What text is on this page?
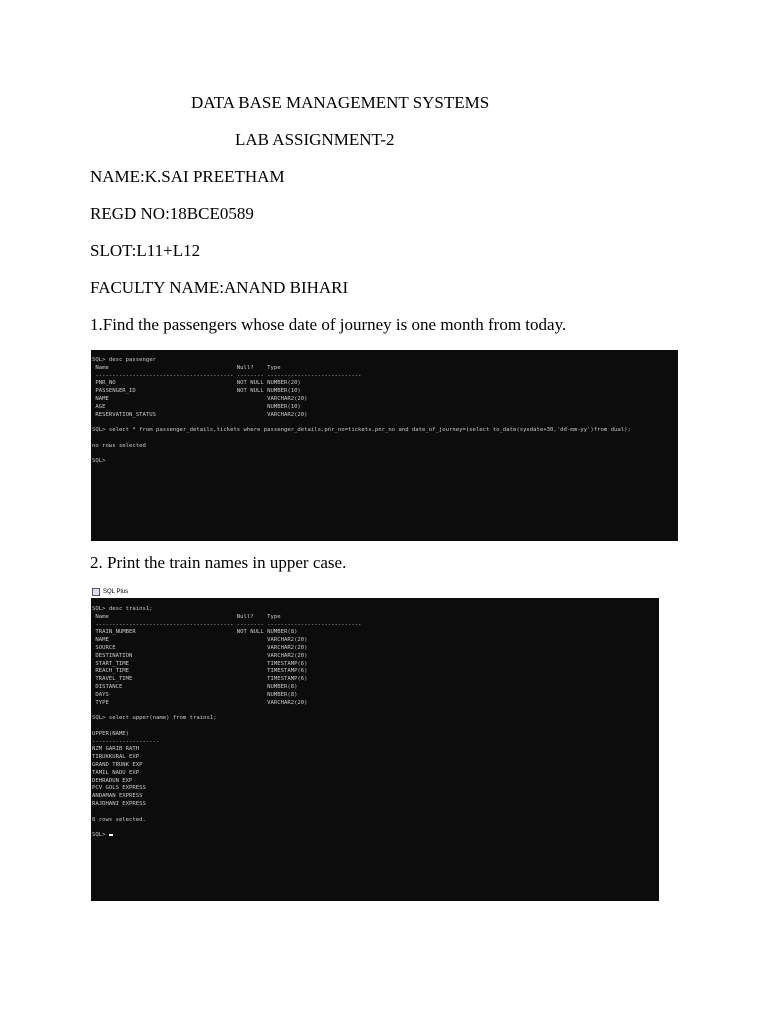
DATA BASE MANAGEMENT SYSTEMS
LAB ASSIGNMENT-2
NAME:K.SAI PREETHAM
REGD NO:18BCE0589
SLOT:L11+L12
FACULTY NAME:ANAND BIHARI
1.Find the passengers whose date of journey is one month from today.
SQL> desc passenger
Name                                      Null?    Type
----------------------------------------- -------- ----------------------------
PNR_NO                                    NOT NULL NUMBER(20)
PASSENGER_ID                              NOT NULL NUMBER(10)
NAME                                               VARCHAR2(20)
AGE                                                NUMBER(10)
RESERVATION_STATUS                                 VARCHAR2(20)

SQL> select * from passenger_details,tickets where passenger_details.pnr_no=tickets.pnr_no and date_of_journey=(select to_date(sysdate+30,'dd-mm-yy')from dual);

no rows selected

SQL>
2. Print the train names in upper case.
SQL Plus
SQL> desc trains1;
Name                                      Null?    Type
----------------------------------------- -------- ----------------------------
TRAIN_NUMBER                              NOT NULL NUMBER(8)
NAME                                               VARCHAR2(20)
SOURCE                                             VARCHAR2(20)
DESTINATION                                        VARCHAR2(20)
START_TIME                                         TIMESTAMP(6)
REACH_TIME                                         TIMESTAMP(6)
TRAVEL_TIME                                        TIMESTAMP(6)
DISTANCE                                           NUMBER(8)
DAYS                                               NUMBER(8)
TYPE                                               VARCHAR2(20)

SQL> select upper(name) from trains1;

UPPER(NAME)
--------------------
NZM GARIB RATH
TIRUKKURAL EXP
GRAND TRUNK EXP
TAMIL NADU EXP
DEHRADUN EXP
PCV GOLS EXPRESS
ANDAMAN EXPRESS
RAJDHANI EXPRESS

8 rows selected.

SQL>
